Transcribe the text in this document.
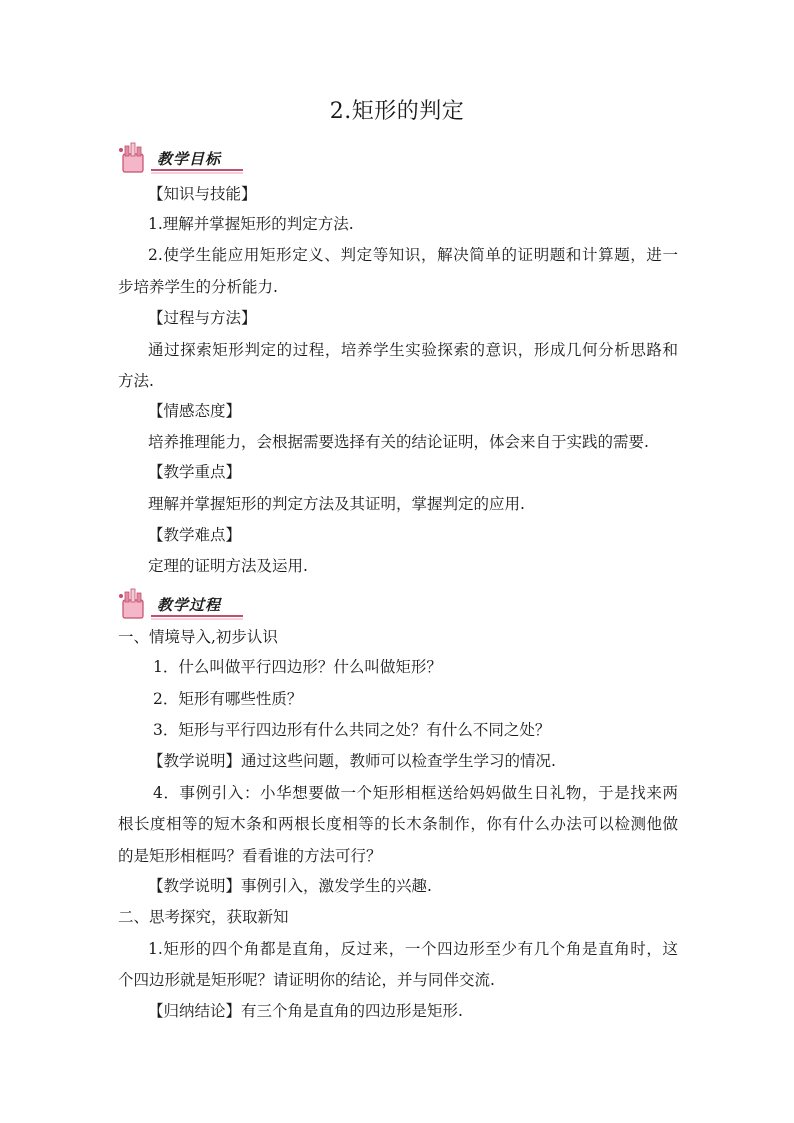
2.矩形的判定
教学目标
【知识与技能】
1.理解并掌握矩形的判定方法.
2.使学生能应用矩形定义、判定等知识，解决简单的证明题和计算题，进一
步培养学生的分析能力.
【过程与方法】
通过探索矩形判定的过程，培养学生实验探索的意识，形成几何分析思路和
方法.
【情感态度】
培养推理能力，会根据需要选择有关的结论证明，体会来自于实践的需要.
【教学重点】
理解并掌握矩形的判定方法及其证明，掌握判定的应用.
【教学难点】
定理的证明方法及运用.
教学过程
一、情境导入,初步认识
1．什么叫做平行四边形？什么叫做矩形？
2．矩形有哪些性质？
3．矩形与平行四边形有什么共同之处？有什么不同之处？
【教学说明】通过这些问题，教师可以检查学生学习的情况.
4．事例引入：小华想要做一个矩形相框送给妈妈做生日礼物，于是找来两
根长度相等的短木条和两根长度相等的长木条制作，你有什么办法可以检测他做
的是矩形相框吗？看看谁的方法可行？
【教学说明】事例引入，激发学生的兴趣.
二、思考探究，获取新知
1.矩形的四个角都是直角，反过来，一个四边形至少有几个角是直角时，这
个四边形就是矩形呢？请证明你的结论，并与同伴交流.
【归纳结论】有三个角是直角的四边形是矩形.
